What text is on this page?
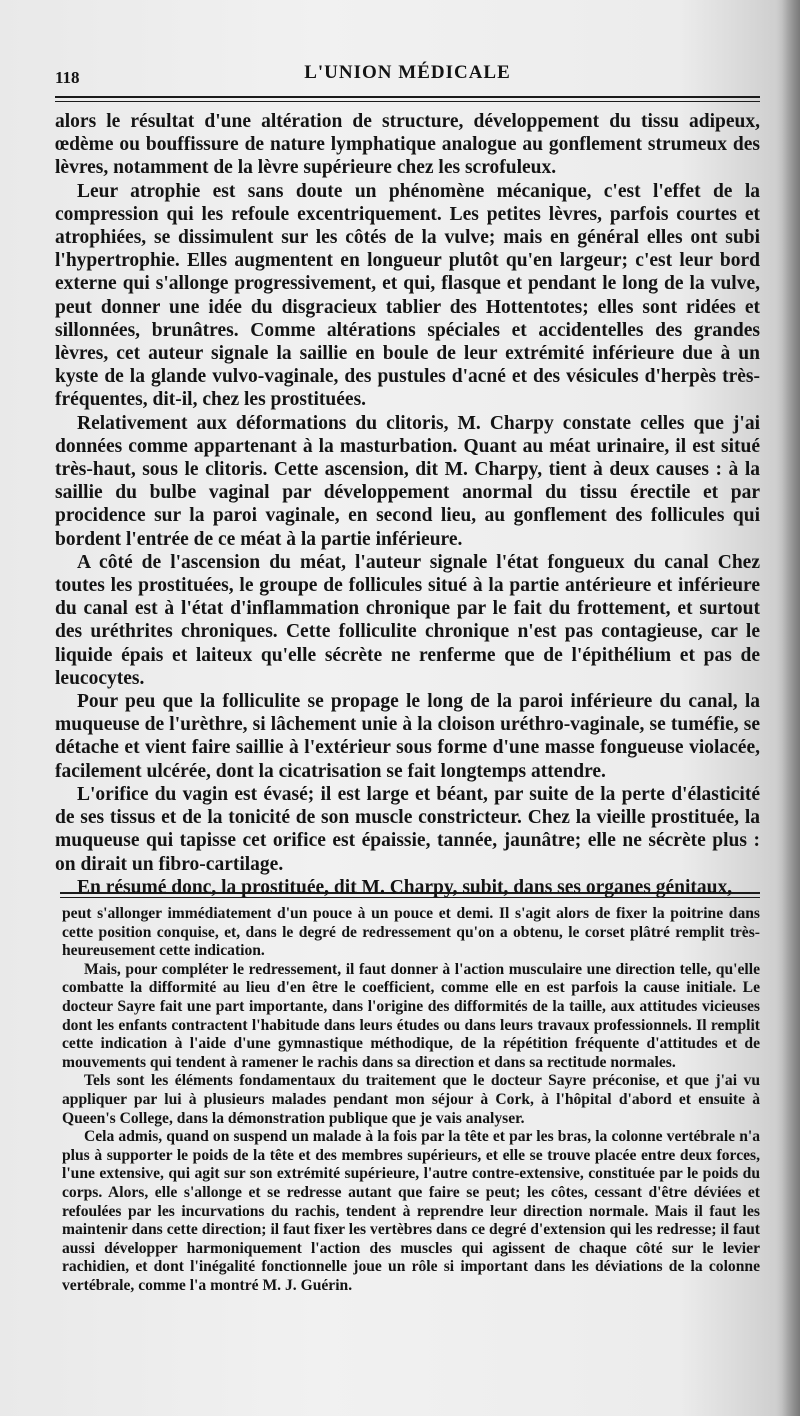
118	L'UNION MÉDICALE

alors le résultat d'une altération de structure, développement du tissu adipeux, œdème ou bouffissure de nature lymphatique analogue au gonflement strumeux des lèvres, notamment de la lèvre supérieure chez les scrofuleux.

Leur atrophie est sans doute un phénomène mécanique, c'est l'effet de la compression qui les refoule excentriquement. Les petites lèvres, parfois courtes et atrophiées, se dissimulent sur les côtés de la vulve; mais en général elles ont subi l'hypertrophie. Elles augmentent en longueur plutôt qu'en largeur; c'est leur bord externe qui s'allonge progressivement, et qui, flasque et pendant le long de la vulve, peut donner une idée du disgracieux tablier des Hottentotes; elles sont ridées et sillonnées, brunâtres. Comme altérations spéciales et accidentelles des grandes lèvres, cet auteur signale la saillie en boule de leur extrémité inférieure due à un kyste de la glande vulvo-vaginale, des pustules d'acné et des vésicules d'herpès très-fréquentes, dit-il, chez les prostituées.

Relativement aux déformations du clitoris, M. Charpy constate celles que j'ai données comme appartenant à la masturbation. Quant au méat urinaire, il est situé très-haut, sous le clitoris. Cette ascension, dit M. Charpy, tient à deux causes : à la saillie du bulbe vaginal par développement anormal du tissu érectile et par procidence sur la paroi vaginale, en second lieu, au gonflement des follicules qui bordent l'entrée de ce méat à la partie inférieure.

A côté de l'ascension du méat, l'auteur signale l'état fongueux du canal Chez toutes les prostituées, le groupe de follicules situé à la partie antérieure et inférieure du canal est à l'état d'inflammation chronique par le fait du frottement, et surtout des uréthrites chroniques. Cette folliculite chronique n'est pas contagieuse, car le liquide épais et laiteux qu'elle sécrète ne renferme que de l'épithélium et pas de leucocytes.

Pour peu que la folliculite se propage le long de la paroi inférieure du canal, la muqueuse de l'urèthre, si lâchement unie à la cloison uréthro-vaginale, se tuméfie, se détache et vient faire saillie à l'extérieur sous forme d'une masse fongueuse violacée, facilement ulcérée, dont la cicatrisation se fait longtemps attendre.

L'orifice du vagin est évasé; il est large et béant, par suite de la perte d'élasticité de ses tissus et de la tonicité de son muscle constricteur. Chez la vieille prostituée, la muqueuse qui tapisse cet orifice est épaissie, tannée, jaunâtre; elle ne sécrète plus : on dirait un fibro-cartilage.

En résumé donc, la prostituée, dit M. Charpy, subit, dans ses organes génitaux,

peut s'allonger immédiatement d'un pouce à un pouce et demi. Il s'agit alors de fixer la poitrine dans cette position conquise, et, dans le degré de redressement qu'on a obtenu, le corset plâtré remplit très-heureusement cette indication.

Mais, pour compléter le redressement, il faut donner à l'action musculaire une direction telle, qu'elle combatte la difformité au lieu d'en être le coefficient, comme elle en est parfois la cause initiale. Le docteur Sayre fait une part importante, dans l'origine des difformités de la taille, aux attitudes vicieuses dont les enfants contractent l'habitude dans leurs études ou dans leurs travaux professionnels. Il remplit cette indication à l'aide d'une gymnastique méthodique, de la répétition fréquente d'attitudes et de mouvements qui tendent à ramener le rachis dans sa direction et dans sa rectitude normales.

Tels sont les éléments fondamentaux du traitement que le docteur Sayre préconise, et que j'ai vu appliquer par lui à plusieurs malades pendant mon séjour à Cork, à l'hôpital d'abord et ensuite à Queen's College, dans la démonstration publique que je vais analyser.

Cela admis, quand on suspend un malade à la fois par la tête et par les bras, la colonne vertébrale n'a plus à supporter le poids de la tête et des membres supérieurs, et elle se trouve placée entre deux forces, l'une extensive, qui agit sur son extrémité supérieure, l'autre contre-extensive, constituée par le poids du corps. Alors, elle s'allonge et se redresse autant que faire se peut; les côtes, cessant d'être déviées et refoulées par les incurvations du rachis, tendent à reprendre leur direction normale. Mais il faut les maintenir dans cette direction; il faut fixer les vertèbres dans ce degré d'extension qui les redresse; il faut aussi développer harmoniquement l'action des muscles qui agissent de chaque côté sur le levier rachidien, et dont l'inégalité fonctionnelle joue un rôle si important dans les déviations de la colonne vertébrale, comme l'a montré M. J. Guérin.
